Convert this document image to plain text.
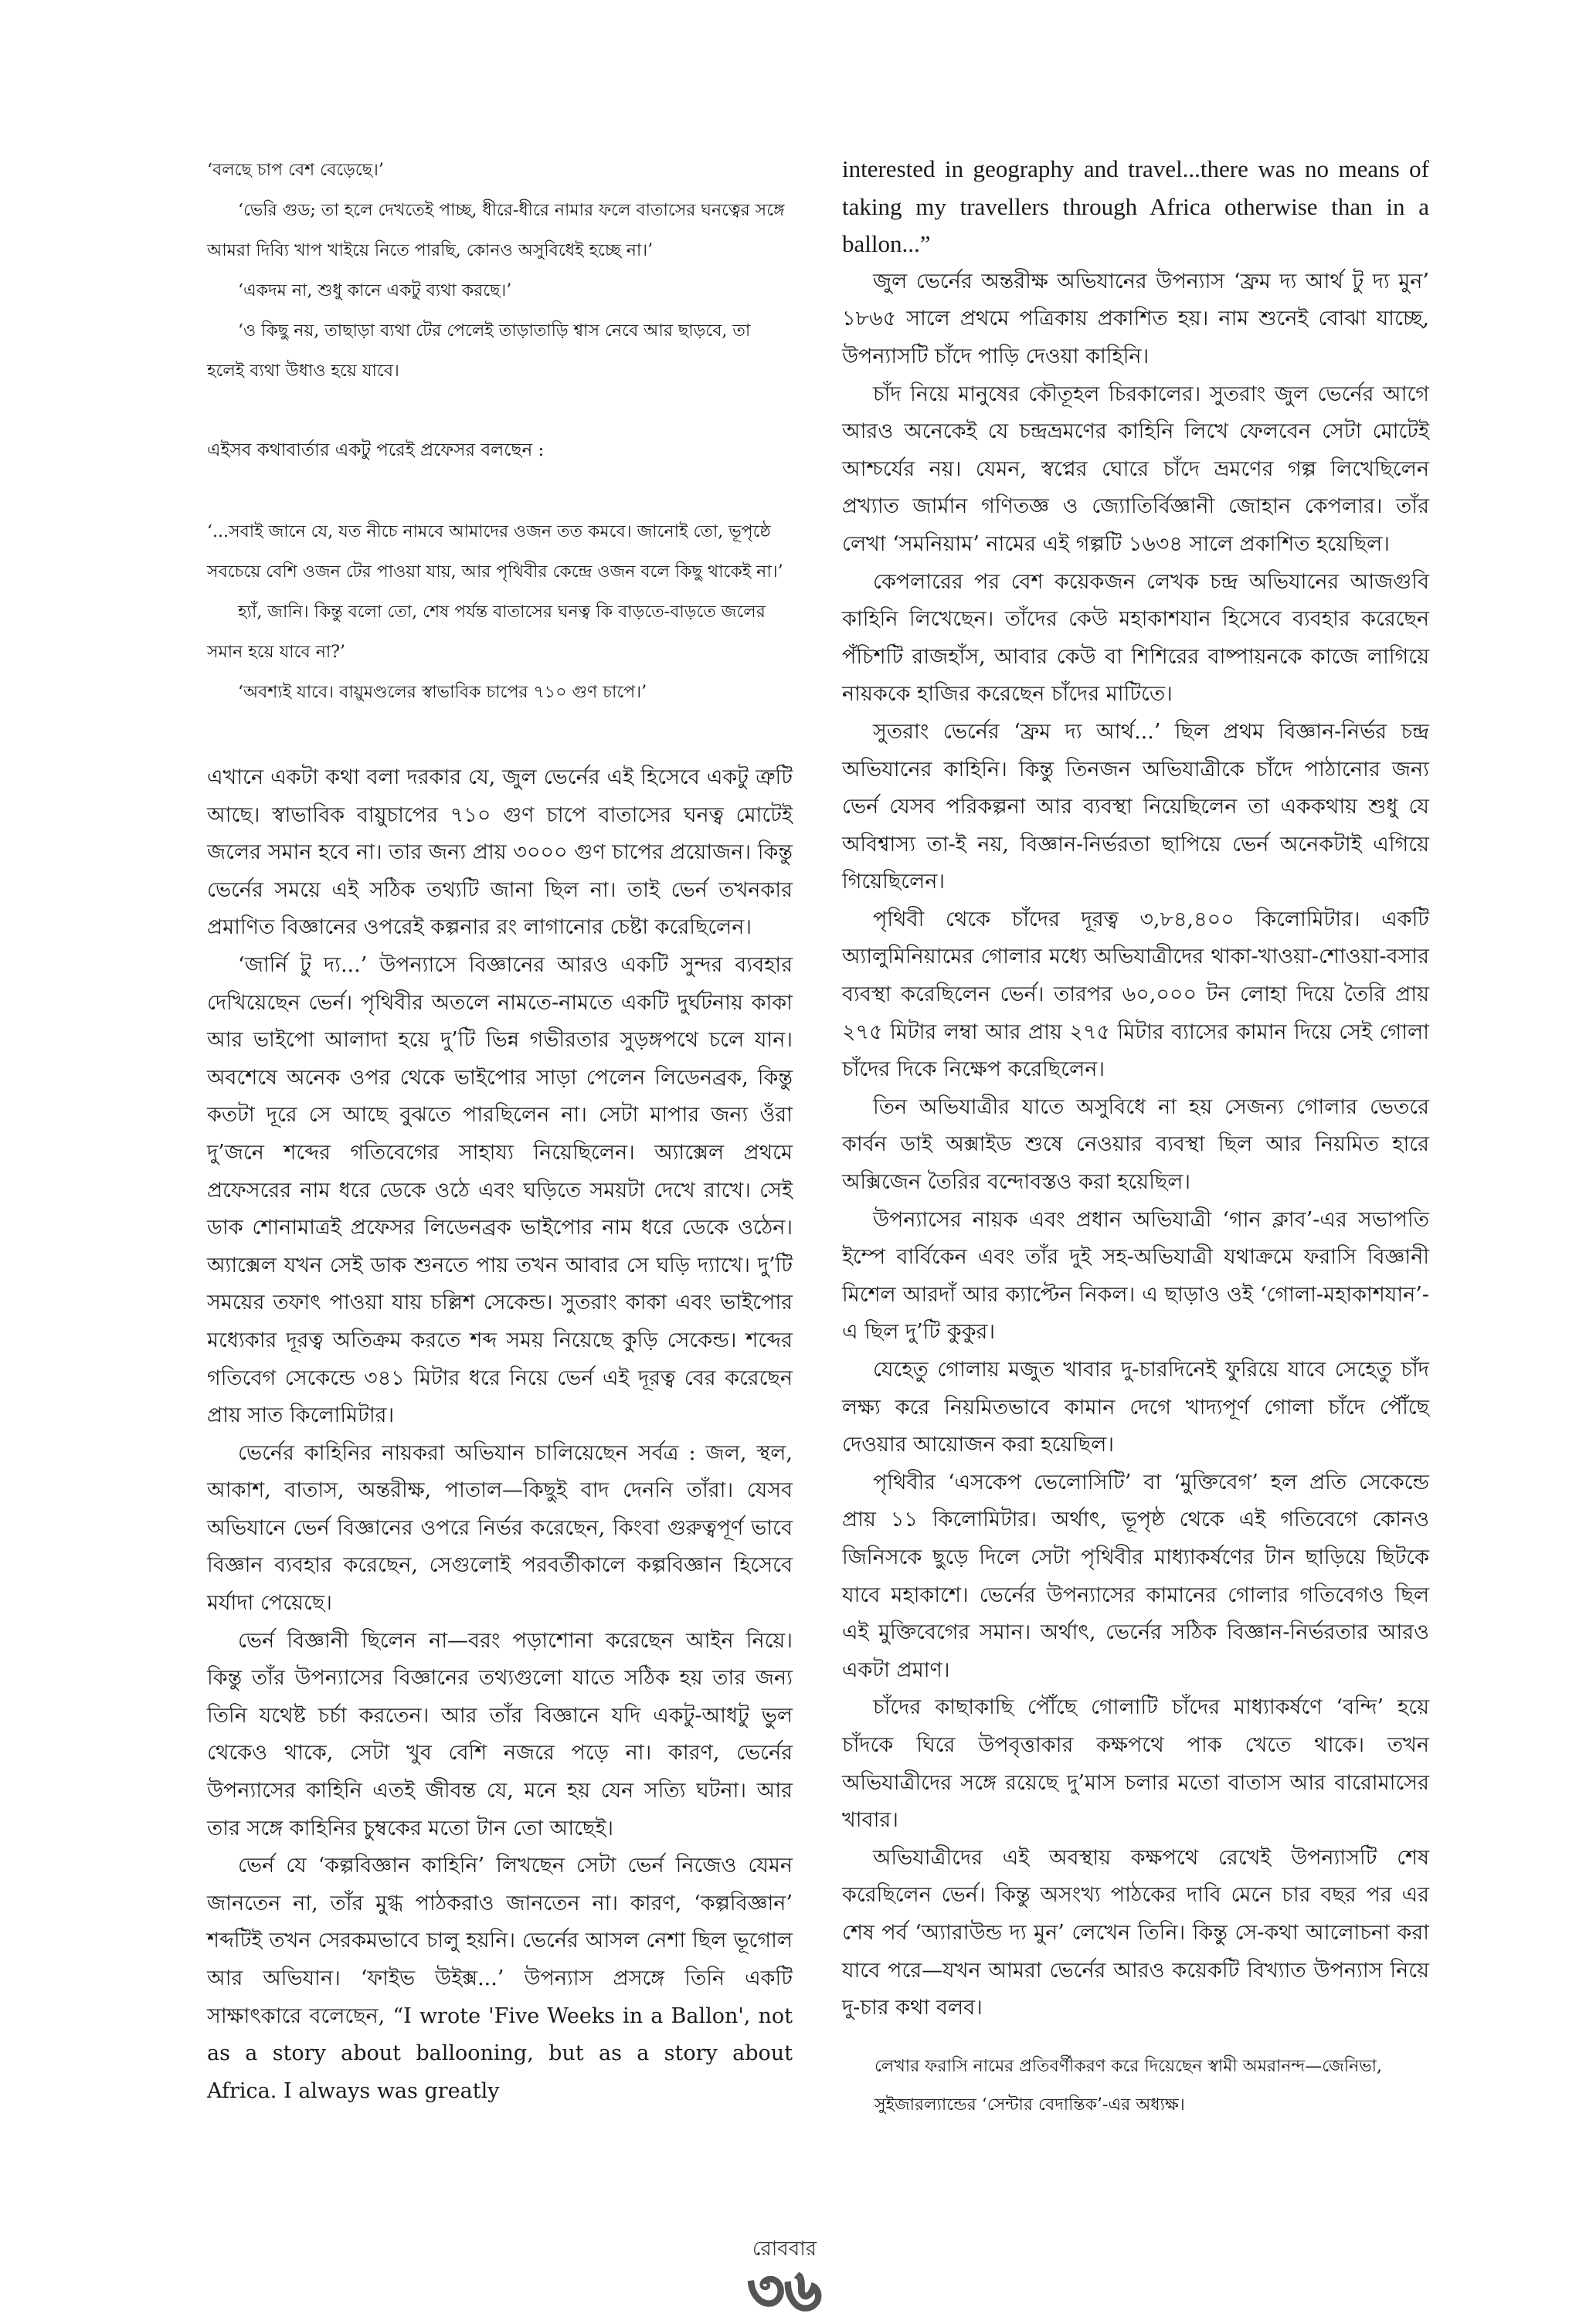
‘বলছে চাপ বেশ বেড়েছে।’

‘ভেরি গুড; তা হলে দেখতেই পাচ্ছ, ধীরে-ধীরে নামার ফলে বাতাসের ঘনত্বের সঙ্গে আমরা দিব্যি খাপ খাইয়ে নিতে পারছি, কোনও অসুবিধেই হচ্ছে না।’

‘একদম না, শুধু কানে একটু ব্যথা করছে।’

‘ও কিছু নয়, তাছাড়া ব্যথা টের পেলেই তাড়াতাড়ি শ্বাস নেবে আর ছাড়বে, তা হলেই ব্যথা উধাও হয়ে যাবে।

এইসব কথাবার্তার একটু পরেই প্রফেসর বলছেন :

‘...সবাই জানে যে, যত নীচে নামবে আমাদের ওজন তত কমবে। জানোই তো, ভূপৃষ্ঠে সবচেয়ে বেশি ওজন টের পাওয়া যায়, আর পৃথিবীর কেন্দ্রে ওজন বলে কিছু থাকেই না।’

হ্যাঁ, জানি। কিন্তু বলো তো, শেষ পর্যন্ত বাতাসের ঘনত্ব কি বাড়তে-বাড়তে জলের সমান হয়ে যাবে না?’

‘অবশ্যই যাবে। বায়ুমণ্ডলের স্বাভাবিক চাপের ৭১০ গুণ চাপে।’

এখানে একটা কথা বলা দরকার যে, জুল ভের্নের এই হিসেবে একটু ত্রুটি আছে। স্বাভাবিক বায়ুচাপের ৭১০ গুণ চাপে বাতাসের ঘনত্ব মোটেই জলের সমান হবে না। তার জন্য প্রায় ৩০০০ গুণ চাপের প্রয়োজন। কিন্তু ভের্নের সময়ে এই সঠিক তথ্যটি জানা ছিল না। তাই ভের্ন তখনকার প্রমাণিত বিজ্ঞানের ওপরেই কল্পনার রং লাগানোর চেষ্টা করেছিলেন।

‘জার্নি টু দ্য...’ উপন্যাসে বিজ্ঞানের আরও একটি সুন্দর ব্যবহার দেখিয়েছেন ভের্ন। পৃথিবীর অতলে নামতে-নামতে একটি দুর্ঘটনায় কাকা আর ভাইপো আলাদা হয়ে দু’টি ভিন্ন গভীরতার সুড়ঙ্গপথে চলে যান। অবশেষে অনেক ওপর থেকে ভাইপোর সাড়া পেলেন লিডেনব্রক, কিন্তু কতটা দূরে সে আছে বুঝতে পারছিলেন না। সেটা মাপার জন্য ওঁরা দু’জনে শব্দের গতিবেগের সাহায্য নিয়েছিলেন। অ্যাক্সেল প্রথমে প্রফেসরের নাম ধরে ডেকে ওঠে এবং ঘড়িতে সময়টা দেখে রাখে। সেই ডাক শোনামাত্রই প্রফেসর লিডেনব্রক ভাইপোর নাম ধরে ডেকে ওঠেন। অ্যাক্সেল যখন সেই ডাক শুনতে পায় তখন আবার সে ঘড়ি দ্যাখে। দু’টি সময়ের তফাৎ পাওয়া যায় চল্লিশ সেকেন্ড। সুতরাং কাকা এবং ভাইপোর মধ্যেকার দূরত্ব অতিক্রম করতে শব্দ সময় নিয়েছে কুড়ি সেকেন্ড। শব্দের গতিবেগ সেকেন্ডে ৩৪১ মিটার ধরে নিয়ে ভের্ন এই দূরত্ব বের করেছেন প্রায় সাত কিলোমিটার।

ভের্নের কাহিনির নায়করা অভিযান চালিয়েছেন সর্বত্র : জল, স্থল, আকাশ, বাতাস, অন্তরীক্ষ, পাতাল—কিছুই বাদ দেননি তাঁরা। যেসব অভিযানে ভের্ন বিজ্ঞানের ওপরে নির্ভর করেছেন, কিংবা গুরুত্বপূর্ণ ভাবে বিজ্ঞান ব্যবহার করেছেন, সেগুলোই পরবর্তীকালে কল্পবিজ্ঞান হিসেবে মর্যাদা পেয়েছে।

ভের্ন বিজ্ঞানী ছিলেন না—বরং পড়াশোনা করেছেন আইন নিয়ে। কিন্তু তাঁর উপন্যাসের বিজ্ঞানের তথ্যগুলো যাতে সঠিক হয় তার জন্য তিনি যথেষ্ট চর্চা করতেন। আর তাঁর বিজ্ঞানে যদি একটু-আধটু ভুল থেকেও থাকে, সেটা খুব বেশি নজরে পড়ে না। কারণ, ভের্নের উপন্যাসের কাহিনি এতই জীবন্ত যে, মনে হয় যেন সত্যি ঘটনা। আর তার সঙ্গে কাহিনির চুম্বকের মতো টান তো আছেই।

ভের্ন যে ‘কল্পবিজ্ঞান কাহিনি’ লিখছেন সেটা ভের্ন নিজেও যেমন জানতেন না, তাঁর মুগ্ধ পাঠকরাও জানতেন না। কারণ, ‘কল্পবিজ্ঞান’ শব্দটিই তখন সেরকমভাবে চালু হয়নি। ভের্নের আসল নেশা ছিল ভূগোল আর অভিযান। ‘ফাইভ উইক্স...’ উপন্যাস প্রসঙ্গে তিনি একটি সাক্ষাৎকারে বলেছেন, “I wrote 'Five Weeks in a Ballon', not as a story about ballooning, but as a story about Africa. I always was greatly

interested in geography and travel...there was no means of taking my travellers through Africa otherwise than in a ballon...”

জুল ভের্নের অন্তরীক্ষ অভিযানের উপন্যাস ‘ফ্রম দ্য আর্থ টু দ্য মুন’ ১৮৬৫ সালে প্রথমে পত্রিকায় প্রকাশিত হয়। নাম শুনেই বোঝা যাচ্ছে, উপন্যাসটি চাঁদে পাড়ি দেওয়া কাহিনি।

চাঁদ নিয়ে মানুষের কৌতূহল চিরকালের। সুতরাং জুল ভের্নের আগে আরও অনেকেই যে চন্দ্রভ্রমণের কাহিনি লিখে ফেলবেন সেটা মোটেই আশ্চর্যের নয়। যেমন, স্বপ্নের ঘোরে চাঁদে ভ্রমণের গল্প লিখেছিলেন প্রখ্যাত জার্মান গণিতজ্ঞ ও জ্যোতির্বিজ্ঞানী জোহান কেপলার। তাঁর লেখা ‘সমনিয়াম’ নামের এই গল্পটি ১৬৩৪ সালে প্রকাশিত হয়েছিল।

কেপলারের পর বেশ কয়েকজন লেখক চন্দ্র অভিযানের আজগুবি কাহিনি লিখেছেন। তাঁদের কেউ মহাকাশযান হিসেবে ব্যবহার করেছেন পঁচিশটি রাজহাঁস, আবার কেউ বা শিশিরের বাষ্পায়নকে কাজে লাগিয়ে নায়ককে হাজির করেছেন চাঁদের মাটিতে।

সুতরাং ভের্নের ‘ফ্রম দ্য আর্থ...’ ছিল প্রথম বিজ্ঞান-নির্ভর চন্দ্র অভিযানের কাহিনি। কিন্তু তিনজন অভিযাত্রীকে চাঁদে পাঠানোর জন্য ভের্ন যেসব পরিকল্পনা আর ব্যবস্থা নিয়েছিলেন তা এককথায় শুধু যে অবিশ্বাস্য তা-ই নয়, বিজ্ঞান-নির্ভরতা ছাপিয়ে ভের্ন অনেকটাই এগিয়ে গিয়েছিলেন।

পৃথিবী থেকে চাঁদের দূরত্ব ৩,৮৪,৪০০ কিলোমিটার। একটি অ্যালুমিনিয়ামের গোলার মধ্যে অভিযাত্রীদের থাকা-খাওয়া-শোওয়া-বসার ব্যবস্থা করেছিলেন ভের্ন। তারপর ৬০,০০০ টন লোহা দিয়ে তৈরি প্রায় ২৭৫ মিটার লম্বা আর প্রায় ২৭৫ মিটার ব্যাসের কামান দিয়ে সেই গোলা চাঁদের দিকে নিক্ষেপ করেছিলেন।

তিন অভিযাত্রীর যাতে অসুবিধে না হয় সেজন্য গোলার ভেতরে কার্বন ডাই অক্সাইড শুষে নেওয়ার ব্যবস্থা ছিল আর নিয়মিত হারে অক্সিজেন তৈরির বন্দোবস্তও করা হয়েছিল।

উপন্যাসের নায়ক এবং প্রধান অভিযাত্রী ‘গান ক্লাব’-এর সভাপতি ইম্পে বার্বিকেন এবং তাঁর দুই সহ-অভিযাত্রী যথাক্রমে ফরাসি বিজ্ঞানী মিশেল আরদাঁ আর ক্যাপ্টেন নিকল। এ ছাড়াও ওই ‘গোলা-মহাকাশযান’-এ ছিল দু’টি কুকুর।

যেহেতু গোলায় মজুত খাবার দু-চারদিনেই ফুরিয়ে যাবে সেহেতু চাঁদ লক্ষ্য করে নিয়মিতভাবে কামান দেগে খাদ্যপূর্ণ গোলা চাঁদে পৌঁছে দেওয়ার আয়োজন করা হয়েছিল।

পৃথিবীর ‘এসকেপ ভেলোসিটি’ বা ‘মুক্তিবেগ’ হল প্রতি সেকেন্ডে প্রায় ১১ কিলোমিটার। অর্থাৎ, ভূপৃষ্ঠ থেকে এই গতিবেগে কোনও জিনিসকে ছুড়ে দিলে সেটা পৃথিবীর মাধ্যাকর্ষণের টান ছাড়িয়ে ছিটকে যাবে মহাকাশে। ভের্নের উপন্যাসের কামানের গোলার গতিবেগও ছিল এই মুক্তিবেগের সমান। অর্থাৎ, ভের্নের সঠিক বিজ্ঞান-নির্ভরতার আরও একটা প্রমাণ।

চাঁদের কাছাকাছি পৌঁছে গোলাটি চাঁদের মাধ্যাকর্ষণে ‘বন্দি’ হয়ে চাঁদকে ঘিরে উপবৃত্তাকার কক্ষপথে পাক খেতে থাকে। তখন অভিযাত্রীদের সঙ্গে রয়েছে দু’মাস চলার মতো বাতাস আর বারোমাসের খাবার।

অভিযাত্রীদের এই অবস্থায় কক্ষপথে রেখেই উপন্যাসটি শেষ করেছিলেন ভের্ন। কিন্তু অসংখ্য পাঠকের দাবি মেনে চার বছর পর এর শেষ পর্ব ‘অ্যারাউন্ড দ্য মুন’ লেখেন তিনি। কিন্তু সে-কথা আলোচনা করা যাবে পরে—যখন আমরা ভের্নের আরও কয়েকটি বিখ্যাত উপন্যাস নিয়ে দু-চার কথা বলব।

লেখার ফরাসি নামের প্রতিবর্ণীকরণ করে দিয়েছেন স্বামী অমরানন্দ—জেনিভা, সুইজারল্যান্ডের ‘সেন্টার বেদান্তিক’-এর অধ্যক্ষ।

রোববার
৩৬
